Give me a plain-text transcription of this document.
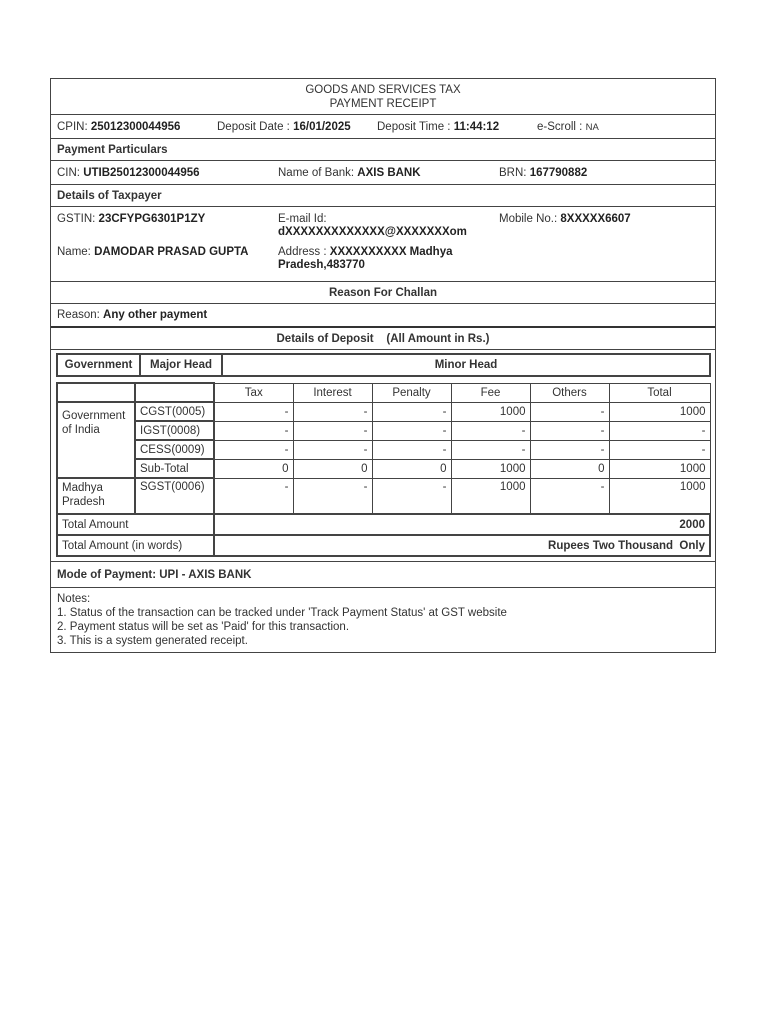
GOODS AND SERVICES TAX
PAYMENT RECEIPT
CPIN: 25012300044956	Deposit Date : 16/01/2025	Deposit Time : 11:44:12	e-Scroll : NA
Payment Particulars
CIN: UTIB25012300044956	Name of Bank: AXIS BANK	BRN: 167790882
Details of Taxpayer
GSTIN: 23CFYPG6301P1ZY
Name: DAMODAR PRASAD GUPTA
E-mail Id:
dXXXXXXXXXXXXX@XXXXXXXom
Address : XXXXXXXXXX Madhya
Pradesh,483770
Mobile No.: 8XXXXX6607
Reason For Challan
Reason:
Any other payment
Details of Deposit    (All Amount in Rs.)
Government	Major Head	Minor Head
		Tax	Interest	Penalty	Fee	Others	Total
Government of India	CGST(0005)	-	-	-	1000	-	1000
	IGST(0008)	-	-	-	-	-	-
	CESS(0009)	-	-	-	-	-	-
	Sub-Total	0	0	0	1000	0	1000
Madhya Pradesh	SGST(0006)	-	-	-	1000	-	1000
Total Amount		2000					
Total Amount (in words)		Rupees Two Thousand  Only					
Mode of Payment:
UPI - AXIS BANK
Notes:
1. Status of the transaction can be tracked under 'Track Payment Status' at GST website
2. Payment status will be set as 'Paid' for this transaction.
3. This is a system generated receipt.
